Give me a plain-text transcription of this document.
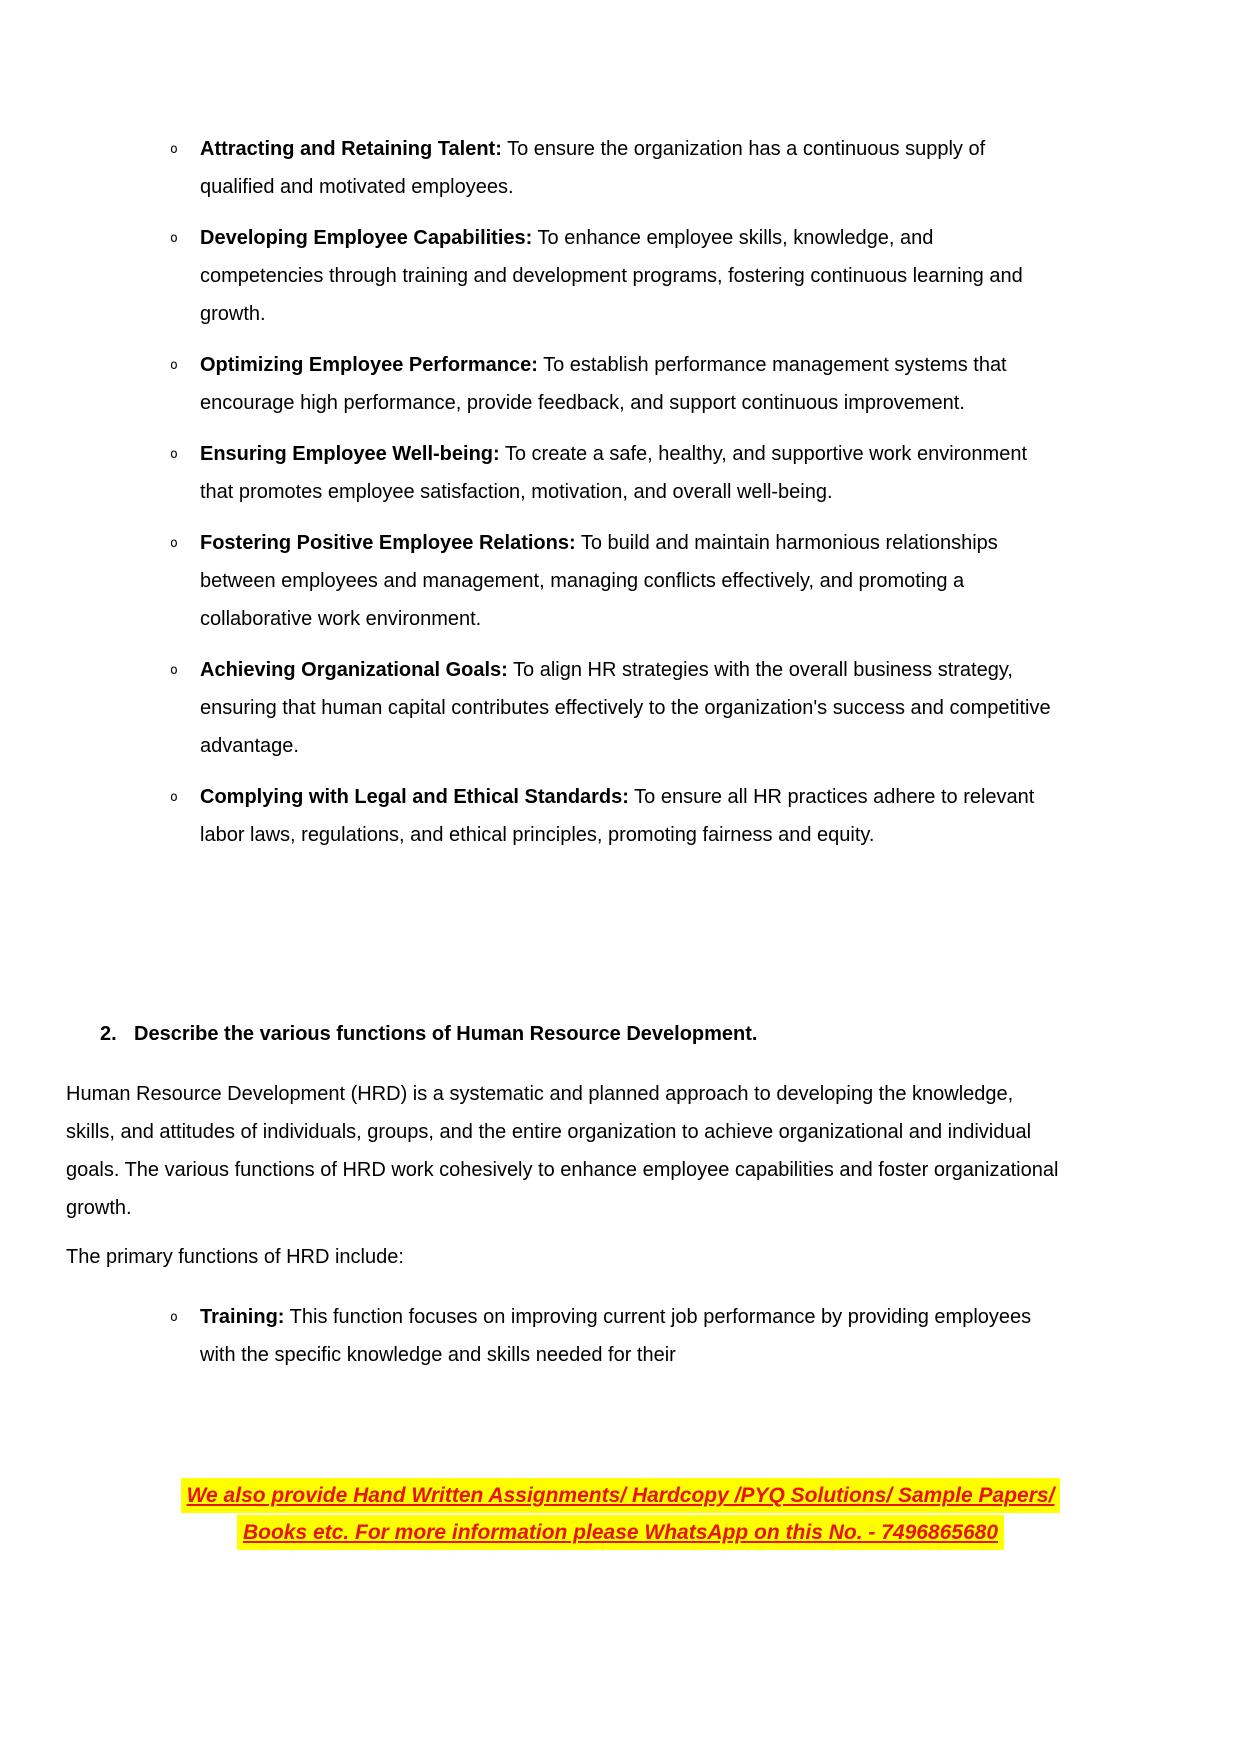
o Attracting and Retaining Talent: To ensure the organization has a continuous supply of qualified and motivated employees.
o Developing Employee Capabilities: To enhance employee skills, knowledge, and competencies through training and development programs, fostering continuous learning and growth.
o Optimizing Employee Performance: To establish performance management systems that encourage high performance, provide feedback, and support continuous improvement.
o Ensuring Employee Well-being: To create a safe, healthy, and supportive work environment that promotes employee satisfaction, motivation, and overall well-being.
o Fostering Positive Employee Relations: To build and maintain harmonious relationships between employees and management, managing conflicts effectively, and promoting a collaborative work environment.
o Achieving Organizational Goals: To align HR strategies with the overall business strategy, ensuring that human capital contributes effectively to the organization's success and competitive advantage.
o Complying with Legal and Ethical Standards: To ensure all HR practices adhere to relevant labor laws, regulations, and ethical principles, promoting fairness and equity.
2. Describe the various functions of Human Resource Development.

Human Resource Development (HRD) is a systematic and planned approach to developing the knowledge, skills, and attitudes of individuals, groups, and the entire organization to achieve organizational and individual goals. The various functions of HRD work cohesively to enhance employee capabilities and foster organizational growth.

The primary functions of HRD include:

o Training: This function focuses on improving current job performance by providing employees with the specific knowledge and skills needed for their
We also provide Hand Written Assignments/ Hardcopy /PYQ Solutions/ Sample Papers/
Books etc. For more information please WhatsApp on this No. - 7496865680
